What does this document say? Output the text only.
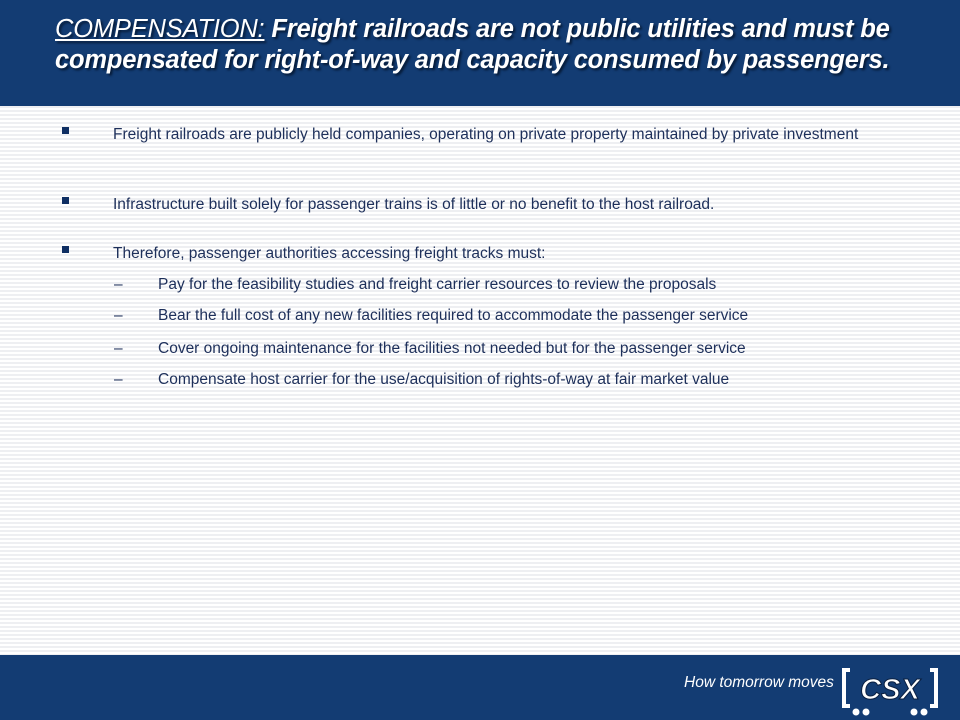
COMPENSATION: Freight railroads are not public utilities and must be compensated for right-of-way and capacity consumed by passengers.
Freight railroads are publicly held companies, operating on private property maintained by private investment
Infrastructure built solely for passenger trains is of little or no benefit to the host railroad.
Therefore, passenger authorities accessing freight tracks must:
– Pay for the feasibility studies and freight carrier resources to review the proposals
– Bear the full cost of any new facilities required to accommodate the passenger service
– Cover ongoing maintenance for the facilities not needed but for the passenger service
– Compensate host carrier for the use/acquisition of rights-of-way at fair market value
How tomorrow moves CSX
